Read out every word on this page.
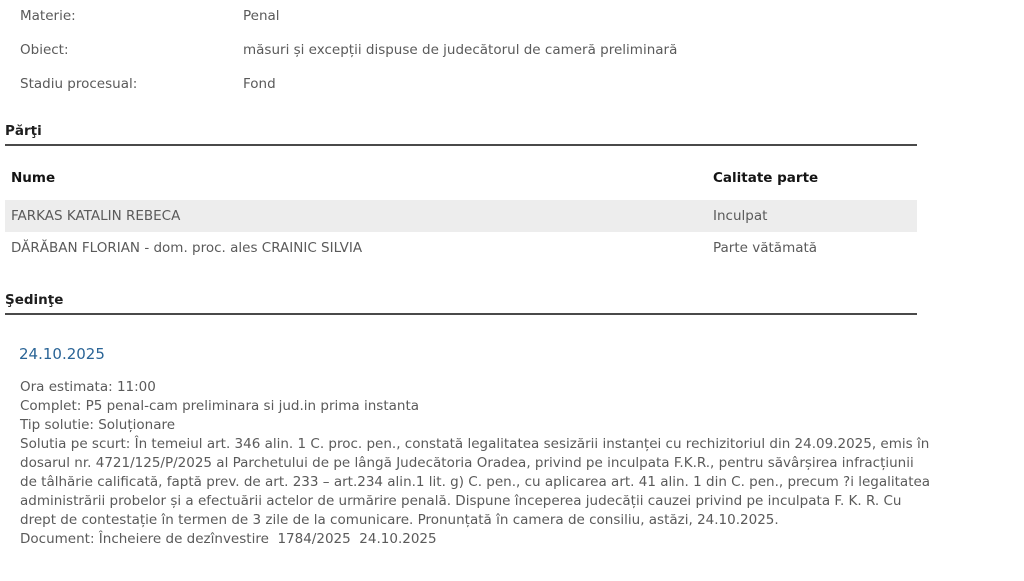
Materie:	Penal
Obiect:	măsuri și excepții dispuse de judecătorul de cameră preliminară
Stadiu procesual:	Fond
Părţi
Nume	Calitate parte
FARKAS KATALIN REBECA	Inculpat
DĂRĂBAN FLORIAN - dom. proc. ales CRAINIC SILVIA	Parte vătămată
Şedinţe
24.10.2025

Ora estimata: 11:00

Complet: P5 penal-cam preliminara si jud.in prima instanta

Tip solutie: Soluționare

Solutia pe scurt: În temeiul art. 346 alin. 1 C. proc. pen., constată legalitatea sesizării instanței cu rechizitoriul din 24.09.2025, emis în dosarul nr. 4721/125/P/2025 al Parchetului de pe lângă Judecătoria Oradea, privind pe inculpata F.K.R., pentru săvârșirea infracțiunii de tâlhărie calificată, faptă prev. de art. 233 – art.234 alin.1 lit. g) C. pen., cu aplicarea art. 41 alin. 1 din C. pen., precum ?i legalitatea administrării probelor și a efectuării actelor de urmărire penală. Dispune începerea judecății cauzei privind pe inculpata F. K. R. Cu drept de contestație în termen de 3 zile de la comunicare. Pronunțată în camera de consiliu, astăzi, 24.10.2025.

Document: Încheiere de dezînvestire  1784/2025  24.10.2025
